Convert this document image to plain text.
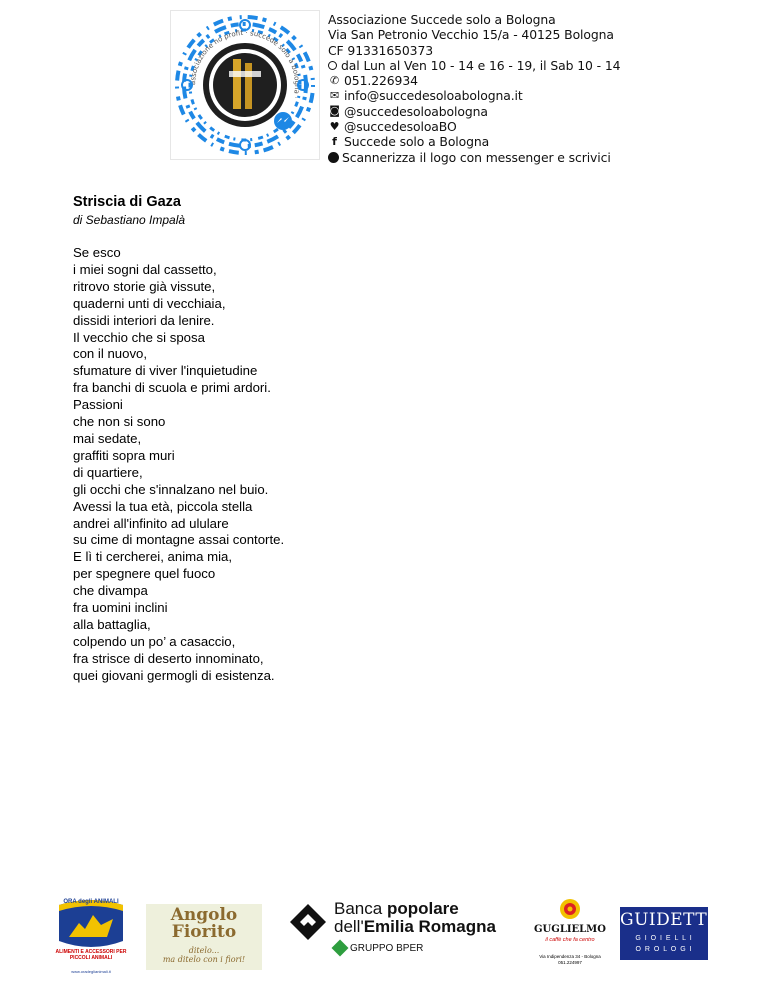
associazione no profit · succede solo a bologna ·
Associazione Succede solo a Bologna
Via San Petronio Vecchio 15/a - 40125 Bologna
CF 91331650373
dal Lun al Ven 10 - 14 e 16 - 19, il Sab 10 - 14
✆ 051.226934
✉ info@succedesoloabologna.it
◙ @succedesoloabologna
♥ @succedesoloaBO
f Succede solo a Bologna
Scannerizza il logo con messenger e scrivici
Striscia di Gaza
di Sebastiano Impalà
Se esco
i miei sogni dal cassetto,
ritrovo storie già vissute,
quaderni unti di vecchiaia,
dissidi interiori da lenire.
Il vecchio che si sposa
con il nuovo,
sfumature di viver l'inquietudine
fra banchi di scuola e primi ardori.
Passioni
che non si sono
mai sedate,
graffiti sopra muri
di quartiere,
gli occhi che s'innalzano nel buio.
Avessi la tua età, piccola stella
andrei all'infinito ad ululare
su cime di montagne assai contorte.
E lì ti cercherei, anima mia,
per spegnere quel fuoco
che divampa
fra uomini inclini
alla battaglia,
colpendo un po’ a casaccio,
fra strisce di deserto innominato,
quei giovani germogli di esistenza.
ORA degli ANIMALI
ALIMENTI E ACCESSORI PER PICCOLI ANIMALI
www.oradeglianimali.it
Angolo
Fiorito
ditelo...
ma ditelo con i fiori!
Banca popolare
dell'Emilia Romagna
GRUPPO BPER
GUGLIELMO
il caffè che fa centro
Via Indipendenza 34 - Bologna
051.224997
GUIDETTI
G I O I E L L I
O R O L O G I
